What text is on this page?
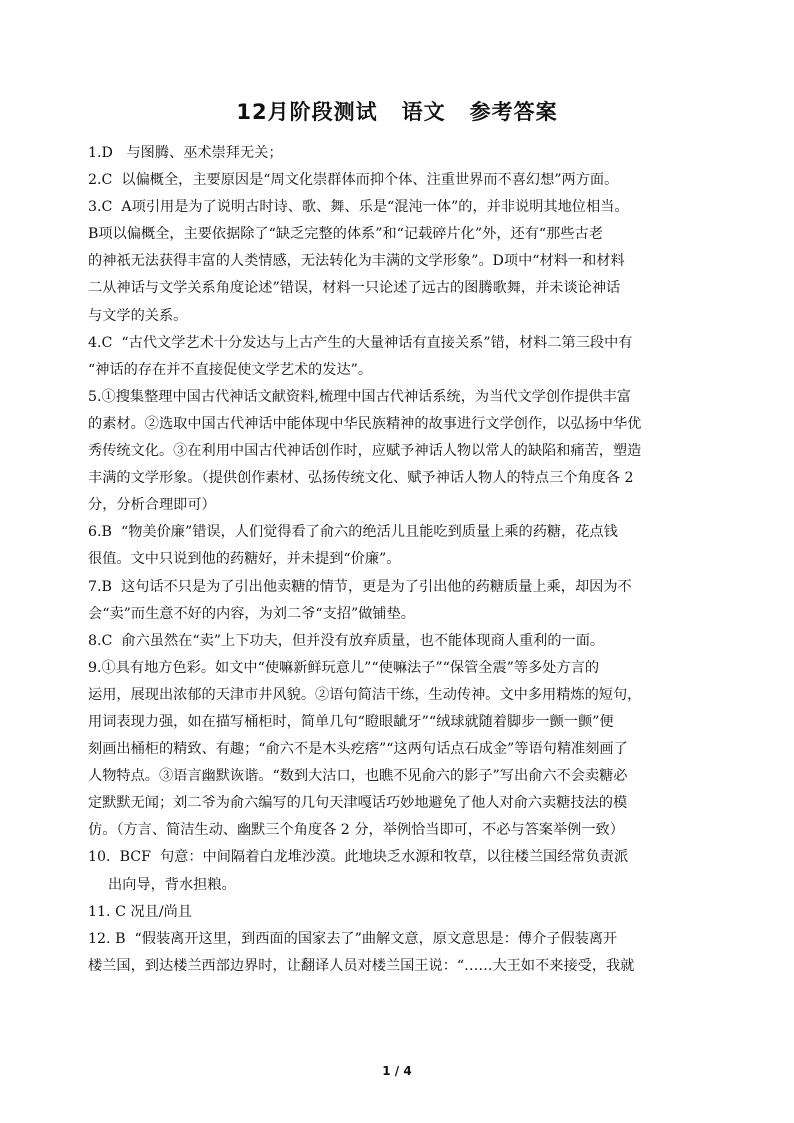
12月阶段测试 语文 参考答案

1.D   与图腾、巫术崇拜无关；

2.C  以偏概全，主要原因是“周文化崇群体而抑个体、注重世界而不喜幻想”两方面。

3.C  A项引用是为了说明古时诗、歌、舞、乐是“混沌一体”的，并非说明其地位相当。

B项以偏概全，主要依据除了“缺乏完整的体系”和“记载碎片化”外，还有“那些古老

的神祇无法获得丰富的人类情感，无法转化为丰满的文学形象”。D项中“材料一和材料

二从神话与文学关系角度论述”错误，材料一只论述了远古的图腾歌舞，并未谈论神话

与文学的关系。

4.C  “古代文学艺术十分发达与上古产生的大量神话有直接关系”错，材料二第三段中有

“神话的存在并不直接促使文学艺术的发达”。

5.①搜集整理中国古代神话文献资料,梳理中国古代神话系统，为当代文学创作提供丰富

的素材。②选取中国古代神话中能体现中华民族精神的故事进行文学创作，以弘扬中华优

秀传统文化。③在利用中国古代神话创作时，应赋予神话人物以常人的缺陷和痛苦，塑造

丰满的文学形象。（提供创作素材、弘扬传统文化、赋予神话人物人的特点三个角度各 2

分，分析合理即可）

6.B  “物美价廉”错误，人们觉得看了俞六的绝活儿且能吃到质量上乘的药糖，花点钱

很值。文中只说到他的药糖好，并未提到“价廉”。

7.B  这句话不只是为了引出他卖糖的情节，更是为了引出他的药糖质量上乘，却因为不

会“卖”而生意不好的内容，为刘二爷“支招”做铺垫。

8.C  俞六虽然在“卖”上下功夫，但并没有放弃质量，也不能体现商人重利的一面。

9.①具有地方色彩。如文中“使嘛新鲜玩意儿”“使嘛法子”“保管全震”等多处方言的

运用，展现出浓郁的天津市井风貌。②语句简洁干练，生动传神。文中多用精炼的短句，

用词表现力强，如在描写桶柜时，简单几句“瞪眼龇牙”“绒球就随着脚步一颤一颤”便

刻画出桶柜的精致、有趣；“俞六不是木头疙瘩”“这两句话点石成金”等语句精准刻画了

人物特点。③语言幽默诙谐。“数到大沽口，也瞧不见俞六的影子”写出俞六不会卖糖必

定默默无闻；刘二爷为俞六编写的几句天津嘎话巧妙地避免了他人对俞六卖糖技法的模

仿。（方言、简洁生动、幽默三个角度各 2 分，举例恰当即可，不必与答案举例一致）

10.  BCF  句意：中间隔着白龙堆沙漠。此地块乏水源和牧草，以往楼兰国经常负责派

出向导，背水担粮。

11. C 况且/尚且

12. B  “假装离开这里，到西面的国家去了”曲解文意，原文意思是：傅介子假装离开

楼兰国，到达楼兰西部边界时，让翻译人员对楼兰国王说：“……大王如不来接受，我就

1 / 4
